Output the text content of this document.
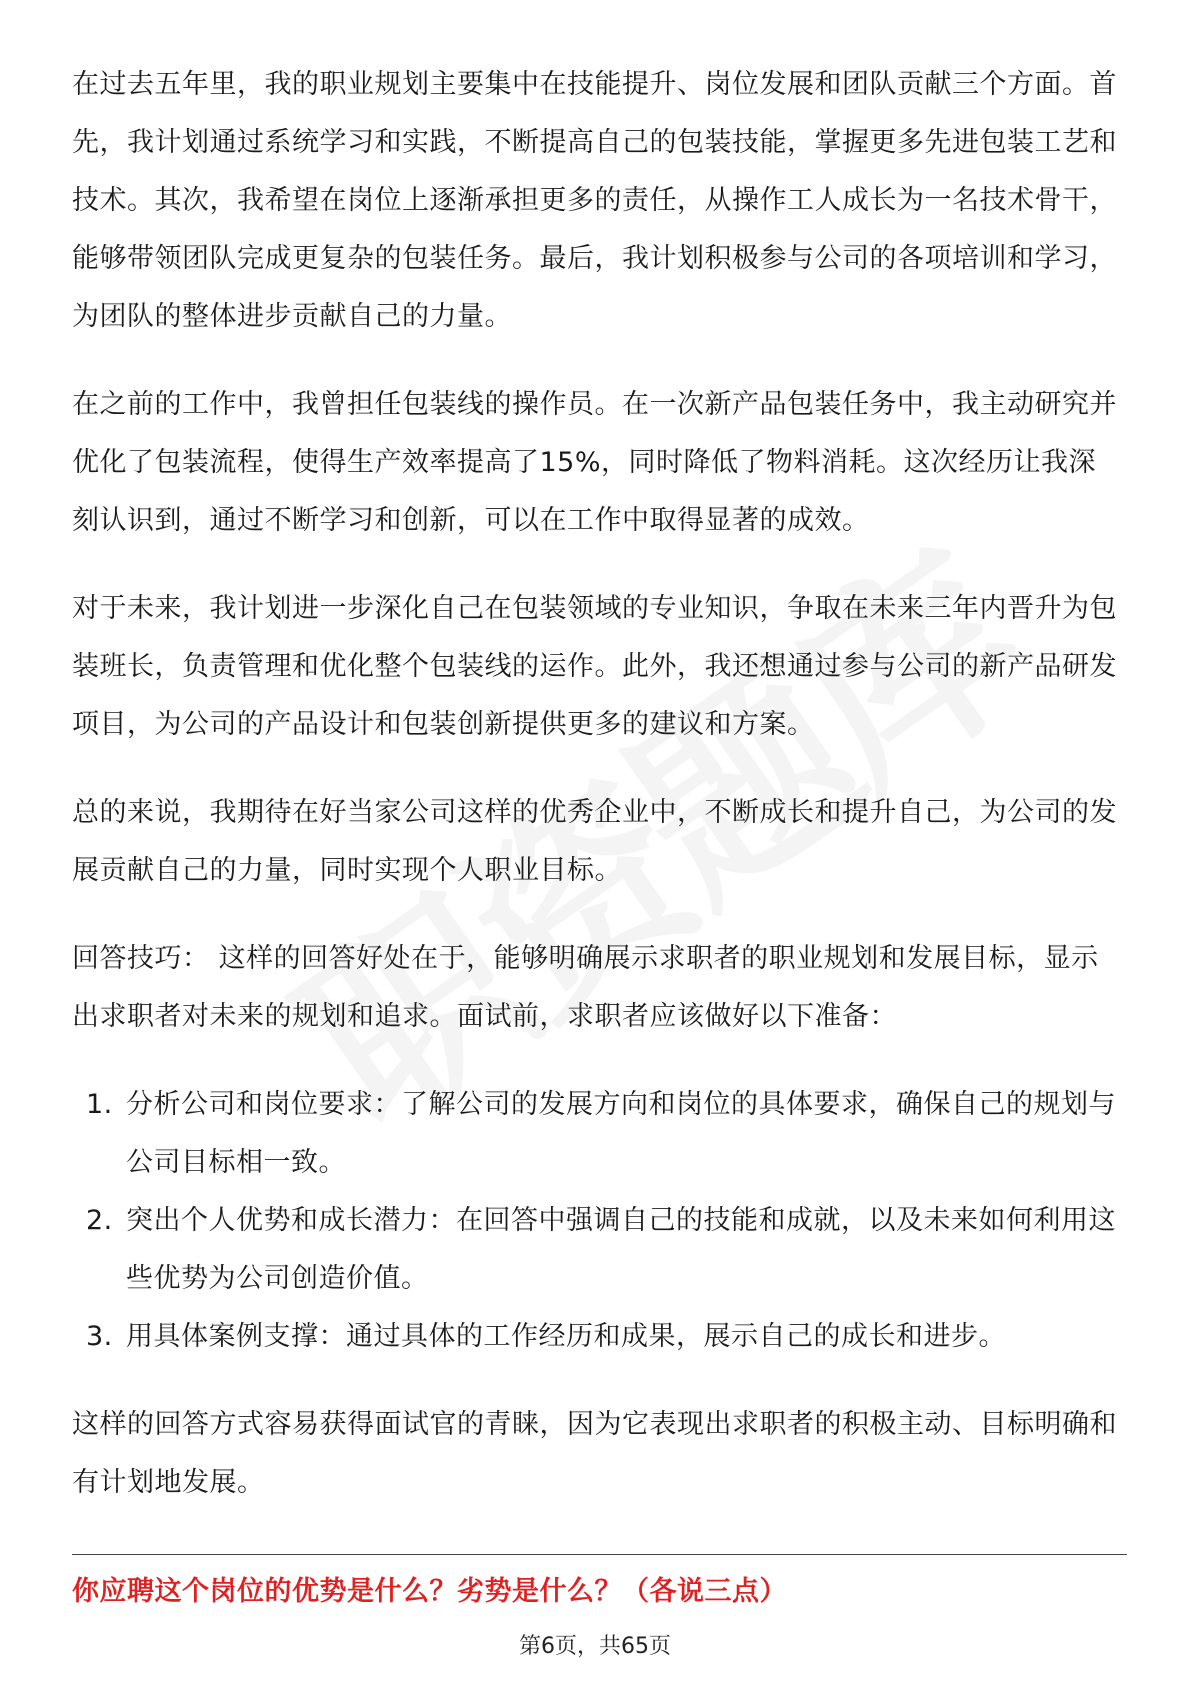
在过去五年里，我的职业规划主要集中在技能提升、岗位发展和团队贡献三个方面。首先，我计划通过系统学习和实践，不断提高自己的包装技能，掌握更多先进包装工艺和技术。其次，我希望在岗位上逐渐承担更多的责任，从操作工人成长为一名技术骨干，能够带领团队完成更复杂的包装任务。最后，我计划积极参与公司的各项培训和学习，为团队的整体进步贡献自己的力量。

在之前的工作中，我曾担任包装线的操作员。在一次新产品包装任务中，我主动研究并优化了包装流程，使得生产效率提高了15%，同时降低了物料消耗。这次经历让我深刻认识到，通过不断学习和创新，可以在工作中取得显著的成效。

对于未来，我计划进一步深化自己在包装领域的专业知识，争取在未来三年内晋升为包装班长，负责管理和优化整个包装线的运作。此外，我还想通过参与公司的新产品研发项目，为公司的产品设计和包装创新提供更多的建议和方案。

总的来说，我期待在好当家公司这样的优秀企业中，不断成长和提升自己，为公司的发展贡献自己的力量，同时实现个人职业目标。

回答技巧： 这样的回答好处在于，能够明确展示求职者的职业规划和发展目标，显示出求职者对未来的规划和追求。面试前，求职者应该做好以下准备：

1. 分析公司和岗位要求：了解公司的发展方向和岗位的具体要求，确保自己的规划与公司目标相一致。
2. 突出个人优势和成长潜力：在回答中强调自己的技能和成就，以及未来如何利用这些优势为公司创造价值。
3. 用具体案例支撑：通过具体的工作经历和成果，展示自己的成长和进步。

这样的回答方式容易获得面试官的青睐，因为它表现出求职者的积极主动、目标明确和有计划地发展。

你应聘这个岗位的优势是什么？劣势是什么？（各说三点）
第6页，共65页
